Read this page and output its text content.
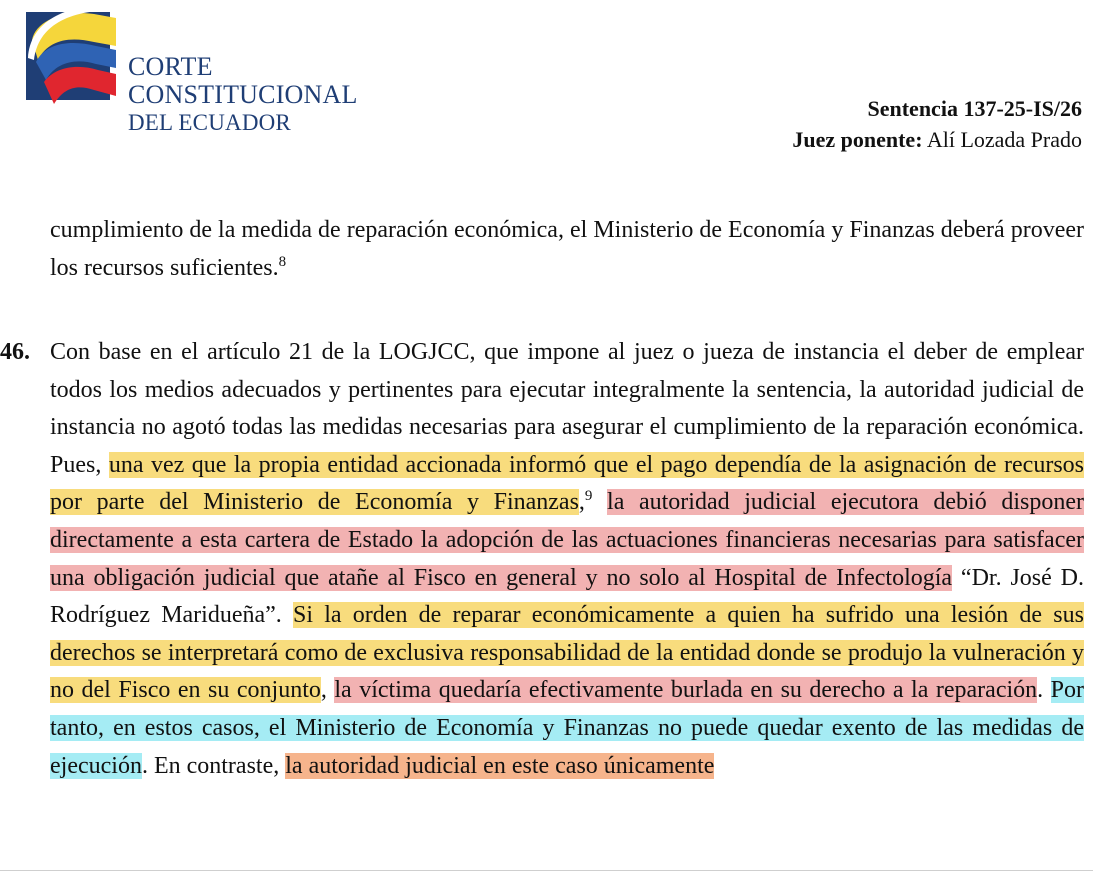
CORTE
CONSTITUCIONAL
DEL ECUADOR
Sentencia 137-25-IS/26
Juez ponente: Alí Lozada Prado
cumplimiento de la medida de reparación económica, el Ministerio de Economía y Finanzas deberá proveer los recursos suficientes.$^8$
46. Con base en el artículo 21 de la LOGJCC, que impone al juez o jueza de instancia el deber de emplear todos los medios adecuados y pertinentes para ejecutar integralmente la sentencia, la autoridad judicial de instancia no agotó todas las medidas necesarias para asegurar el cumplimiento de la reparación económica. Pues, una vez que la propia entidad accionada informó que el pago dependía de la asignación de recursos por parte del Ministerio de Economía y Finanzas,$^9$ la autoridad judicial ejecutora debió disponer directamente a esta cartera de Estado la adopción de las actuaciones financieras necesarias para satisfacer una obligación judicial que atañe al Fisco en general y no solo al Hospital de Infectología “Dr. José D. Rodríguez Maridueña”. Si la orden de reparar económicamente a quien ha sufrido una lesión de sus derechos se interpretará como de exclusiva responsabilidad de la entidad donde se produjo la vulneración y no del Fisco en su conjunto, la víctima quedaría efectivamente burlada en su derecho a la reparación. Por tanto, en estos casos, el Ministerio de Economía y Finanzas no puede quedar exento de las medidas de ejecución. En contraste, la autoridad judicial en este caso únicamente
